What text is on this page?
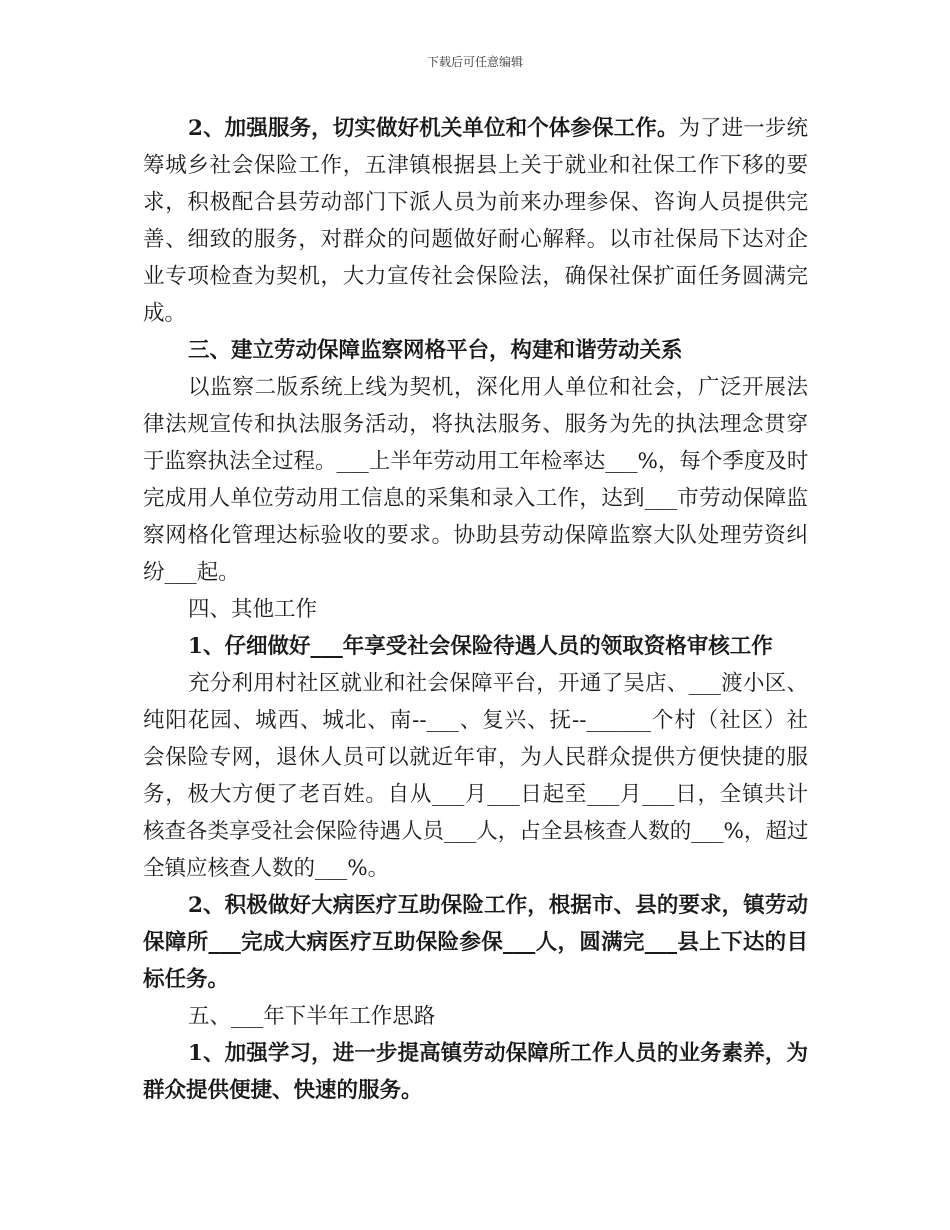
下载后可任意编辑
2、加强服务，切实做好机关单位和个体参保工作。为了进一步统
筹城乡社会保险工作，五津镇根据县上关于就业和社保工作下移的要
求，积极配合县劳动部门下派人员为前来办理参保、咨询人员提供完
善、细致的服务，对群众的问题做好耐心解释。以市社保局下达对企
业专项检查为契机，大力宣传社会保险法，确保社保扩面任务圆满完
成。
三、建立劳动保障监察网格平台，构建和谐劳动关系
以监察二版系统上线为契机，深化用人单位和社会，广泛开展法
律法规宣传和执法服务活动，将执法服务、服务为先的执法理念贯穿
于监察执法全过程。___上半年劳动用工年检率达___%，每个季度及时
完成用人单位劳动用工信息的采集和录入工作，达到___市劳动保障监
察网格化管理达标验收的要求。协助县劳动保障监察大队处理劳资纠
纷___起。
四、其他工作
1、仔细做好___年享受社会保险待遇人员的领取资格审核工作
充分利用村社区就业和社会保障平台，开通了吴店、___渡小区、
纯阳花园、城西、城北、南--___、复兴、抚--______个村（社区）社
会保险专网，退休人员可以就近年审，为人民群众提供方便快捷的服
务，极大方便了老百姓。自从___月___日起至___月___日，全镇共计
核查各类享受社会保险待遇人员___人，占全县核查人数的___%，超过
全镇应核查人数的___%。
2、积极做好大病医疗互助保险工作，根据市、县的要求，镇劳动
保障所___完成大病医疗互助保险参保___人，圆满完___县上下达的目
标任务。
五、___年下半年工作思路
1、加强学习，进一步提高镇劳动保障所工作人员的业务素养，为
群众提供便捷、快速的服务。
